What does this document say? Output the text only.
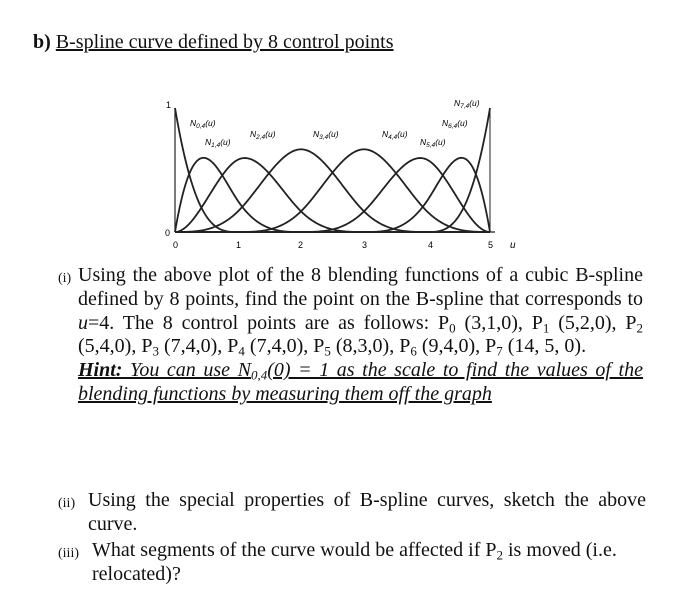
b) B-spline curve defined by 8 control points
1
0
0	1	2	3	4	5 u
$N_{0,4}(u)$
$N_{1,4}(u)$
$N_{2,4}(u)$	$N_{3,4}(u)$	$N_{4,4}(u)$
$N_{5,4}(u)$
$N_{6,4}(u)$
$N_{7,4}(u)$
(i) Using the above plot of the 8 blending functions of a cubic B-spline defined by 8 points, find the point on the B-spline that corresponds to u=4. The 8 control points are as follows: $P_0$ (3,1,0), $P_1$ (5,2,0), $P_2$ (5,4,0), $P_3$ (7,4,0), $P_4$ (7,4,0), $P_5$ (8,3,0), $P_6$ (9,4,0), $P_7$ (14, 5, 0).
Hint: You can use $N_{0,4}(0) = 1$ as the scale to find the values of the blending functions by measuring them off the graph
(ii) Using the special properties of B-spline curves, sketch the above curve.
(iii) What segments of the curve would be affected if $P_2$ is moved (i.e. relocated)?
